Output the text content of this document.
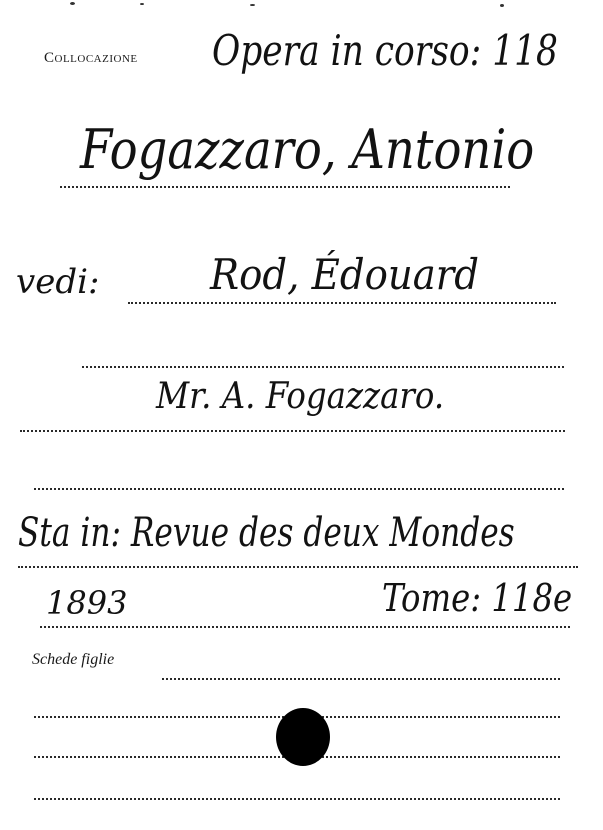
Collocazione Opera in corso: 118
Fogazzaro, Antonio
vedi:	Rod, Édouard
Mr. A. Fogazzaro.
Sta in: Revue des deux Mondes
1893	Tome: 118e
Schede figlie
